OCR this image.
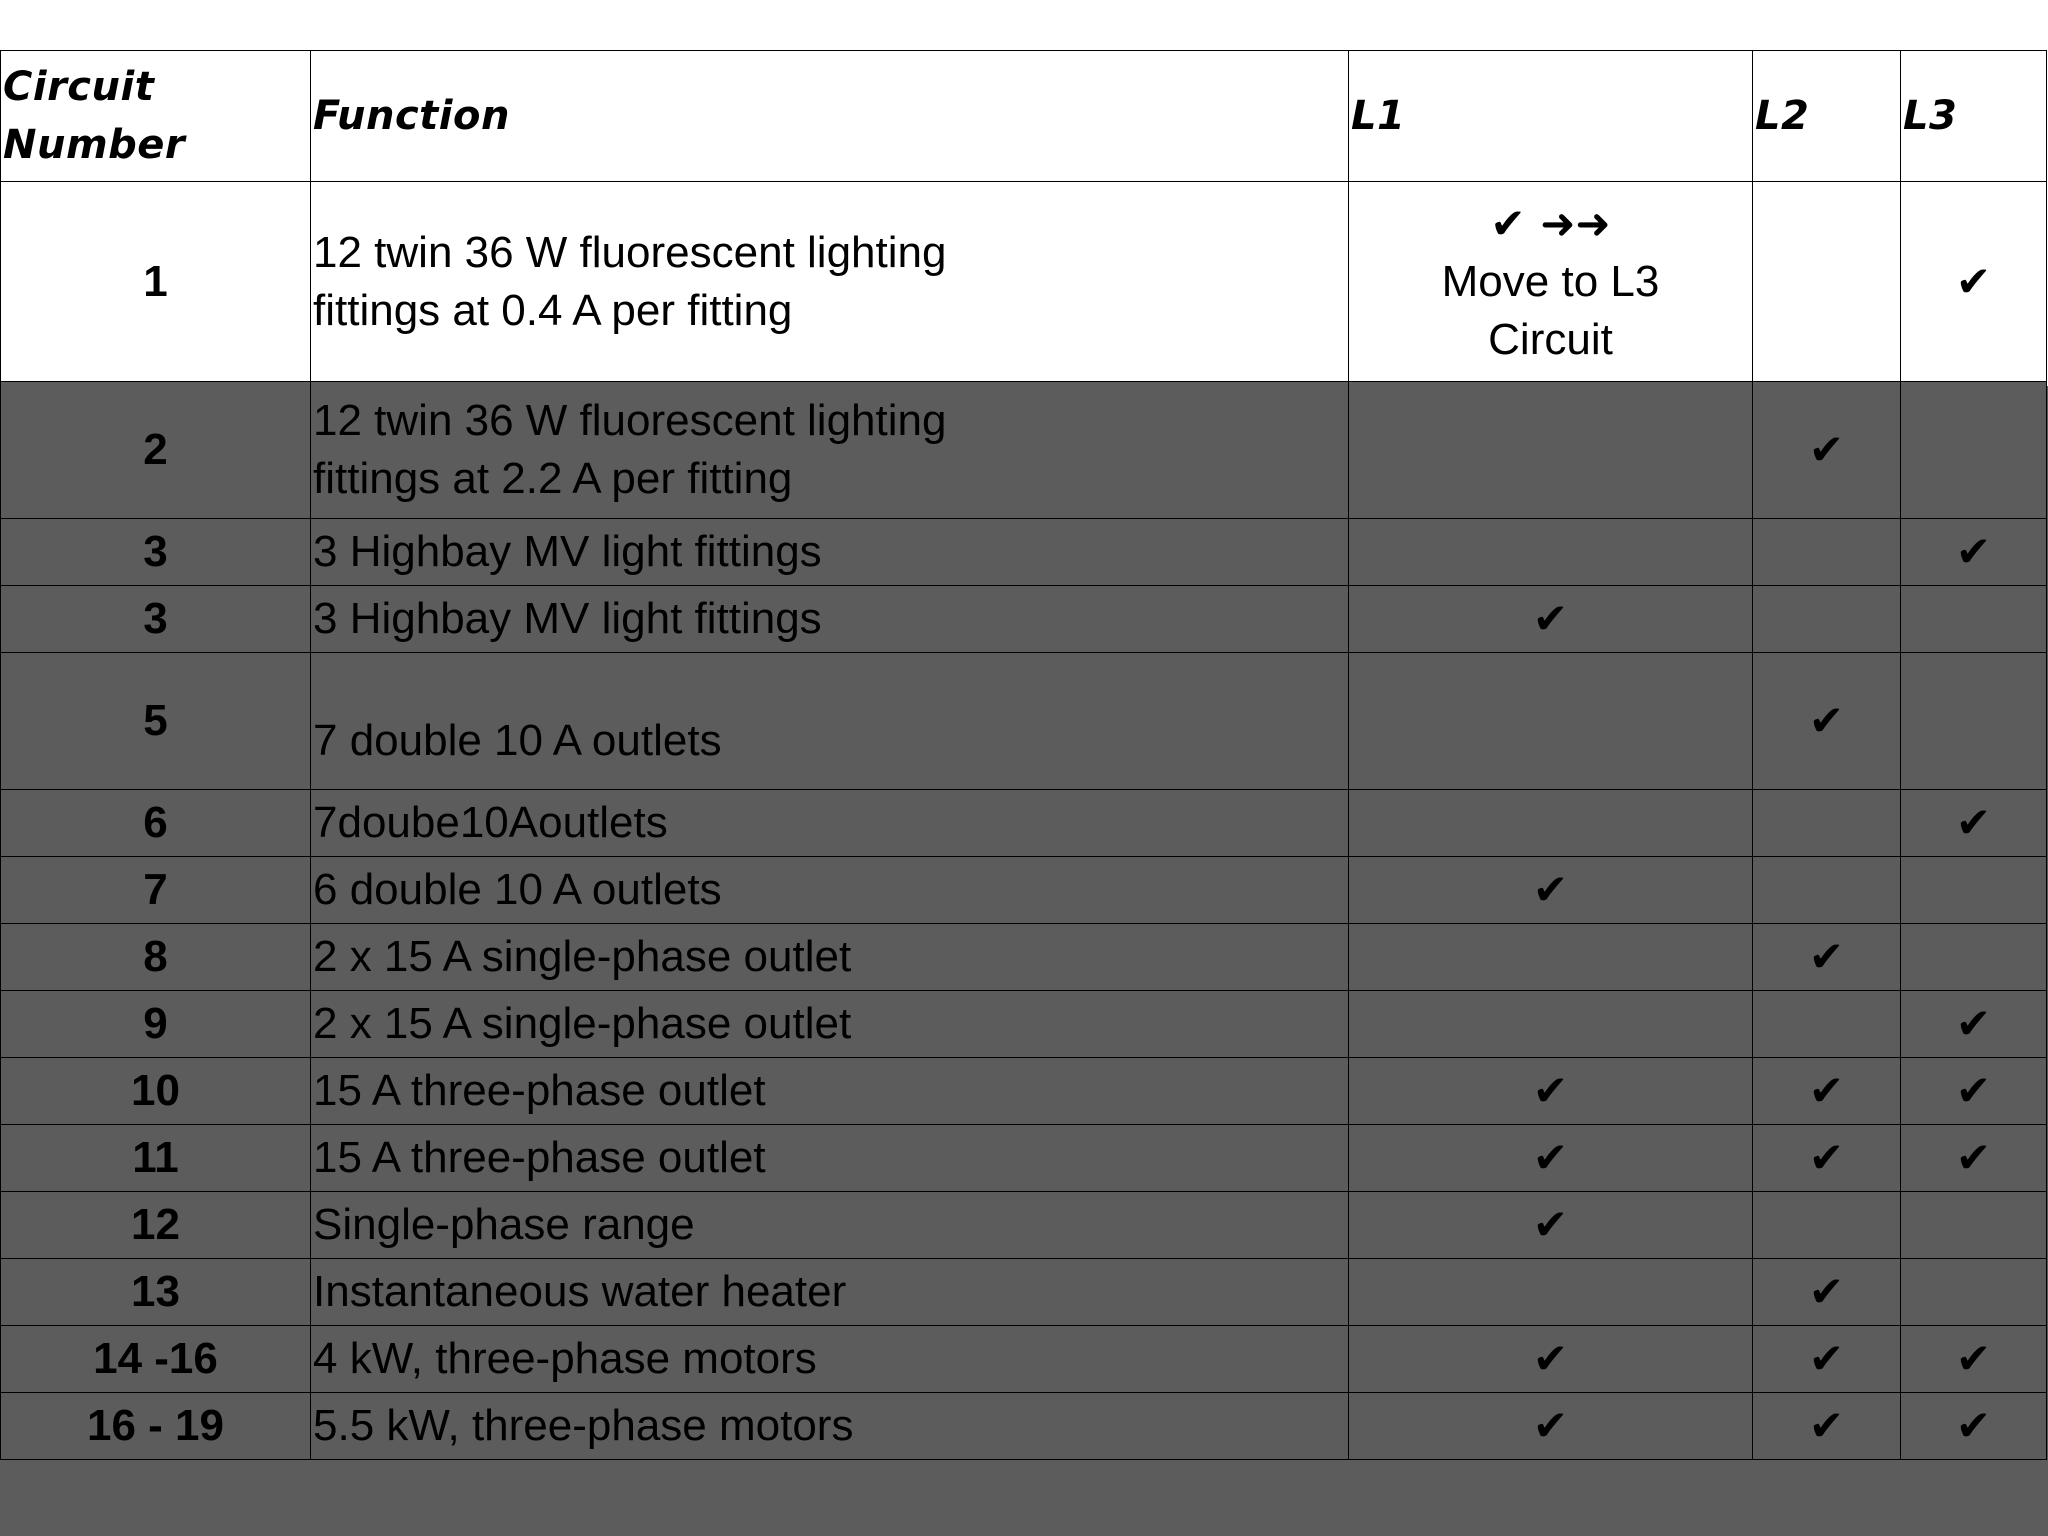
Circuit
Number	Function	L1	L2	L3
1	12 twin 36 W fluorescent lighting
fittings at 0.4 A per fitting	✔ ➜➜
Move to L3
Circuit		✔
2	12 twin 36 W fluorescent lighting
fittings at 2.2 A per fitting		✔	
3	3 Highbay MV light fittings			✔
3	3 Highbay MV light fittings	✔		
5	7 double 10 A outlets		✔	
6	7doube10Aoutlets			✔
7	6 double 10 A outlets	✔		
8	2 x 15 A single-phase outlet		✔	
9	2 x 15 A single-phase outlet			✔
10	15 A three-phase outlet	✔	✔	✔
11	15 A three-phase outlet	✔	✔	✔
12	Single-phase range	✔		
13	Instantaneous water heater		✔	
14 -16	4 kW, three-phase motors	✔	✔	✔
16 - 19	5.5 kW, three-phase motors	✔	✔	✔
